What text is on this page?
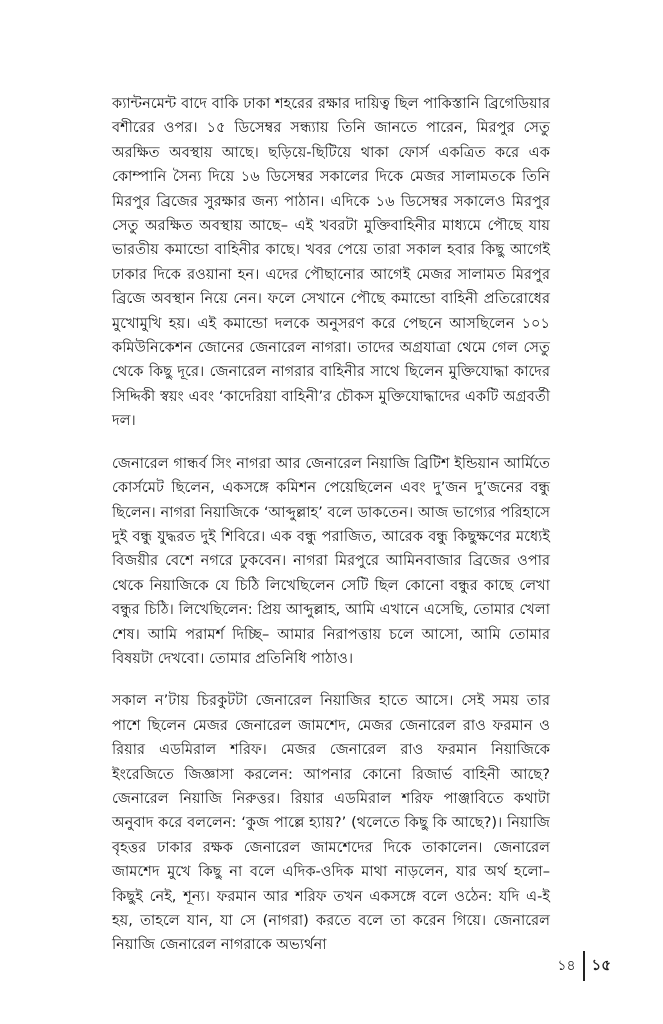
ক্যান্টনমেন্ট বাদে বাকি ঢাকা শহরের রক্ষার দায়িত্ব ছিল পাকিস্তানি ব্রিগেডিয়ার বশীরের ওপর। ১৫ ডিসেম্বর সন্ধ্যায় তিনি জানতে পারেন, মিরপুর সেতু অরক্ষিত অবস্থায় আছে। ছড়িয়ে-ছিটিয়ে থাকা ফোর্স একত্রিত করে এক কোম্পানি সৈন্য দিয়ে ১৬ ডিসেম্বর সকালের দিকে মেজর সালামতকে তিনি মিরপুর ব্রিজের সুরক্ষার জন্য পাঠান। এদিকে ১৬ ডিসেম্বর সকালেও মিরপুর সেতু অরক্ষিত অবস্থায় আছে– এই খবরটা মুক্তিবাহিনীর মাধ্যমে পৌছে যায় ভারতীয় কমান্ডো বাহিনীর কাছে। খবর পেয়ে তারা সকাল হবার কিছু আগেই ঢাকার দিকে রওয়ানা হন। এদের পৌছানোর আগেই মেজর সালামত মিরপুর ব্রিজে অবস্থান নিয়ে নেন। ফলে সেখানে পৌছে কমান্ডো বাহিনী প্রতিরোধের মুখোমুখি হয়। এই কমান্ডো দলকে অনুসরণ করে পেছনে আসছিলেন ১০১ কমিউনিকেশন জোনের জেনারেল নাগরা। তাদের অগ্রযাত্রা থেমে গেল সেতু থেকে কিছু দূরে। জেনারেল নাগরার বাহিনীর সাথে ছিলেন মুক্তিযোদ্ধা কাদের সিদ্দিকী স্বয়ং এবং ‘কাদেরিয়া বাহিনী’র চৌকস মুক্তিযোদ্ধাদের একটি অগ্রবর্তী দল।

জেনারেল গান্ধর্ব সিং নাগরা আর জেনারেল নিয়াজি ব্রিটিশ ইন্ডিয়ান আর্মিতে কোর্সমেট ছিলেন, একসঙ্গে কমিশন পেয়েছিলেন এবং দু’জন দু’জনের বন্ধু ছিলেন। নাগরা নিয়াজিকে ‘আব্দুল্লাহ’ বলে ডাকতেন। আজ ভাগ্যের পরিহাসে দুই বন্ধু যুদ্ধরত দুই শিবিরে। এক বন্ধু পরাজিত, আরেক বন্ধু কিছুক্ষণের মধ্যেই বিজয়ীর বেশে নগরে ঢুকবেন। নাগরা মিরপুরে আমিনবাজার ব্রিজের ওপার থেকে নিয়াজিকে যে চিঠি লিখেছিলেন সেটি ছিল কোনো বন্ধুর কাছে লেখা বন্ধুর চিঠি। লিখেছিলেন: প্রিয় আব্দুল্লাহ, আমি এখানে এসেছি, তোমার খেলা শেষ। আমি পরামর্শ দিচ্ছি– আমার নিরাপত্তায় চলে আসো, আমি তোমার বিষয়টা দেখবো। তোমার প্রতিনিধি পাঠাও।

সকাল ন’টায় চিরকুটটা জেনারেল নিয়াজির হাতে আসে। সেই সময় তার পাশে ছিলেন মেজর জেনারেল জামশেদ, মেজর জেনারেল রাও ফরমান ও রিয়ার এডমিরাল শরিফ। মেজর জেনারেল রাও ফরমান নিয়াজিকে ইংরেজিতে জিজ্ঞাসা করলেন: আপনার কোনো রিজার্ভ বাহিনী আছে? জেনারেল নিয়াজি নিরুত্তর। রিয়ার এডমিরাল শরিফ পাঞ্জাবিতে কথাটা অনুবাদ করে বললেন: ‘কুজ পাল্লে হ্যায়?’ (থলেতে কিছু কি আছে?)। নিয়াজি বৃহত্তর ঢাকার রক্ষক জেনারেল জামশেদের দিকে তাকালেন। জেনারেল জামশেদ মুখে কিছু না বলে এদিক-ওদিক মাথা নাড়লেন, যার অর্থ হলো– কিছুই নেই, শূন্য। ফরমান আর শরিফ তখন একসঙ্গে বলে ওঠেন: যদি এ-ই হয়, তাহলে যান, যা সে (নাগরা) করতে বলে তা করেন গিয়ে। জেনারেল নিয়াজি জেনারেল নাগরাকে অভ্যর্থনা

১৪ ১৫
